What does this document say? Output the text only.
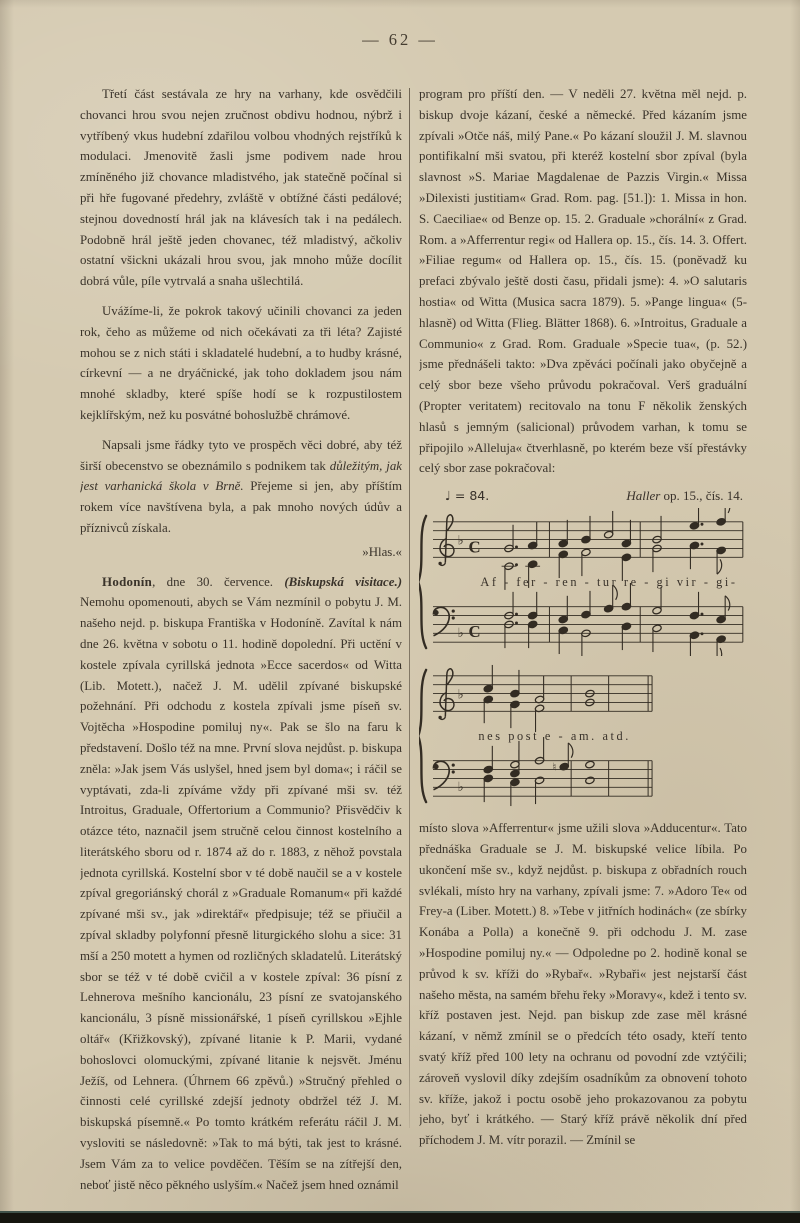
— 62 —

Třetí část sestávala ze hry na varhany, kde osvědčili chovanci hrou svou nejen zručnost obdivu hodnou, nýbrž i vytříbený vkus hudební zdařilou volbou vhodných rejstříků k modulaci. Jmenovitě žasli jsme podivem nade hrou zmíněného již chovance mladistvého, jak statečně počínal si při hře fugované předehry, zvláště v obtížné části pedálové; stejnou dovedností hrál jak na klávesích tak i na pedálech. Podobně hrál ještě jeden chovanec, též mladistvý, ačkoliv ostatní všickni ukázali hrou svou, jak mnoho může docílit dobrá vůle, píle vytrvalá a snaha ušlechtilá.

Uvážíme-li, že pokrok takový učinili chovanci za jeden rok, čeho as můžeme od nich očekávati za tři léta? Zajisté mohou se z nich státi i skladatelé hudební, a to hudby krásné, církevní — a ne dryáčnické, jak toho dokladem jsou nám mnohé skladby, které spíše hodí se k rozpustilostem kejklířským, než ku posvátné bohoslužbě chrámové.

Napsali jsme řádky tyto ve prospěch věci dobré, aby též širší obecenstvo se obeznámilo s podnikem tak důležitým, jak jest varhanická škola v Brně. Přejeme si jen, aby příštím rokem více navštívena byla, a pak mnoho nových údův a příznivců získala.

»Hlas.«

Hodonín, dne 30. července. (Biskupská visitace.) Nemohu opomenouti, abych se Vám nezmínil o pobytu J. M. našeho nejd. p. biskupa Františka v Hodoníně. Zavítal k nám dne 26. května v sobotu o 11. hodině dopolední. Při uctění v kostele zpívala cyrillská jednota »Ecce sacerdos« od Witta (Lib. Motett.), načež J. M. udělil zpívané biskupské požehnání. Při odchodu z kostela zpívali jsme píseň sv. Vojtěcha »Hospodine pomiluj ny«. Pak se šlo na faru k představení. Došlo též na mne. První slova nejdůst. p. biskupa zněla: »Jak jsem Vás uslyšel, hned jsem byl doma«; i ráčil se vyptávati, zda-li zpíváme vždy při zpívané mši sv. též Introitus, Graduale, Offertorium a Communio? Přisvědčiv k otázce této, naznačil jsem stručně celou činnost kostelního a literátského sboru od r. 1874 až do r. 1883, z něhož povstala jednota cyrillská. Kostelní sbor v té době naučil se a v kostele zpíval gregoriánský chorál z »Graduale Romanum« při každé zpívané mši sv., jak »direktář« předpisuje; též se přiučil a zpíval skladby polyfonní přesně liturgického slohu a sice: 31 mší a 250 motett a hymen od rozličných skladatelů. Literátský sbor se též v té době cvičil a v kostele zpíval: 36 písní z Lehnerova mešního kancionálu, 23 písní ze svatojanského kancionálu, 3 písně missionářské, 1 píseň cyrillskou »Ejhle oltář« (Křižkovský), zpívané litanie k P. Marii, vydané bohoslovci olomuckými, zpívané litanie k nejsvět. Jménu Ježíš, od Lehnera. (Úhrnem 66 zpěvů.) »Stručný přehled o činnosti celé cyrillské zdejší jednoty obdržel též J. M. biskupská písemně.« Po tomto krátkém referátu ráčil J. M. vysloviti se následovně: »Tak to má býti, tak jest to krásné. Jsem Vám za to velice povděčen. Těším se na zítřejší den, neboť jistě něco pěkného uslyším.« Načež jsem hned oznámil

program pro příští den. — V neděli 27. května měl nejd. p. biskup dvoje kázaní, české a německé. Před kázaním jsme zpívali »Otče náš, milý Pane.« Po kázaní sloužil J. M. slavnou pontifikalní mši svatou, při kteréž kostelní sbor zpíval (byla slavnost »S. Mariae Magdalenae de Pazzis Virgin.« Missa »Dilexisti justitiam« Grad. Rom. pag. [51.]): 1. Missa in hon. S. Caeciliae« od Benze op. 15. 2. Graduale »chorální« z Grad. Rom. a »Afferrentur regi« od Hallera op. 15., čís. 14. 3. Offert. »Filiae regum« od Hallera op. 15., čís. 15. (poněvadž ku prefaci zbývalo ještě dosti času, přidali jsme): 4. »O salutaris hostia« od Witta (Musica sacra 1879). 5. »Pange lingua« (5-hlasně) od Witta (Flieg. Blätter 1868). 6. »Introitus, Graduale a Communio« z Grad. Rom. Graduale »Specie tua«, (p. 52.) jsme přednášeli takto: »Dva zpěváci počínali jako obyčejně a celý sbor beze všeho průvodu pokračoval. Verš graduální (Propter veritatem) recitovalo na tonu F několik ženských hlasů s jemným (salicional) průvodem varhan, k tomu se připojilo »Alleluja« čtverhlasně, po kterém beze vší přestávky celý sbor zase pokračoval:

♩ = 84.	Haller op. 15., čís. 14.
♭
♭
C
C
Af - fer - ren - tur re - gi vir - gi-
♭
♭
♮
nes post e - am. atd.

místo slova »Afferrentur« jsme užili slova »Adducentur«. Tato přednáška Graduale se J. M. biskupské velice líbila. Po ukončení mše sv., když nejdůst. p. biskupa z obřadních rouch svlékali, místo hry na varhany, zpívali jsme: 7. »Adoro Te« od Frey-a (Liber. Motett.) 8. »Tebe v jitřních hodinách« (ze sbírky Konába a Polla) a konečně 9. při odchodu J. M. zase »Hospodine pomiluj ny.« — Odpoledne po 2. hodině konal se průvod k sv. kříži do »Rybař«. »Rybaři« jest nejstarší část našeho města, na samém břehu řeky »Moravy«, kdež i tento sv. kříž postaven jest. Nejd. pan biskup zde zase měl krásné kázaní, v němž zmínil se o předcích této osady, kteří tento svatý kříž před 100 lety na ochranu od povodní zde vztýčili; zároveň vyslovil díky zdejším osadníkům za obnovení tohoto sv. kříže, jakož i poctu osobě jeho prokazovanou za pobytu jeho, byť i krátkého. — Starý kříž právě několik dní před příchodem J. M. vítr porazil. — Zmínil se
